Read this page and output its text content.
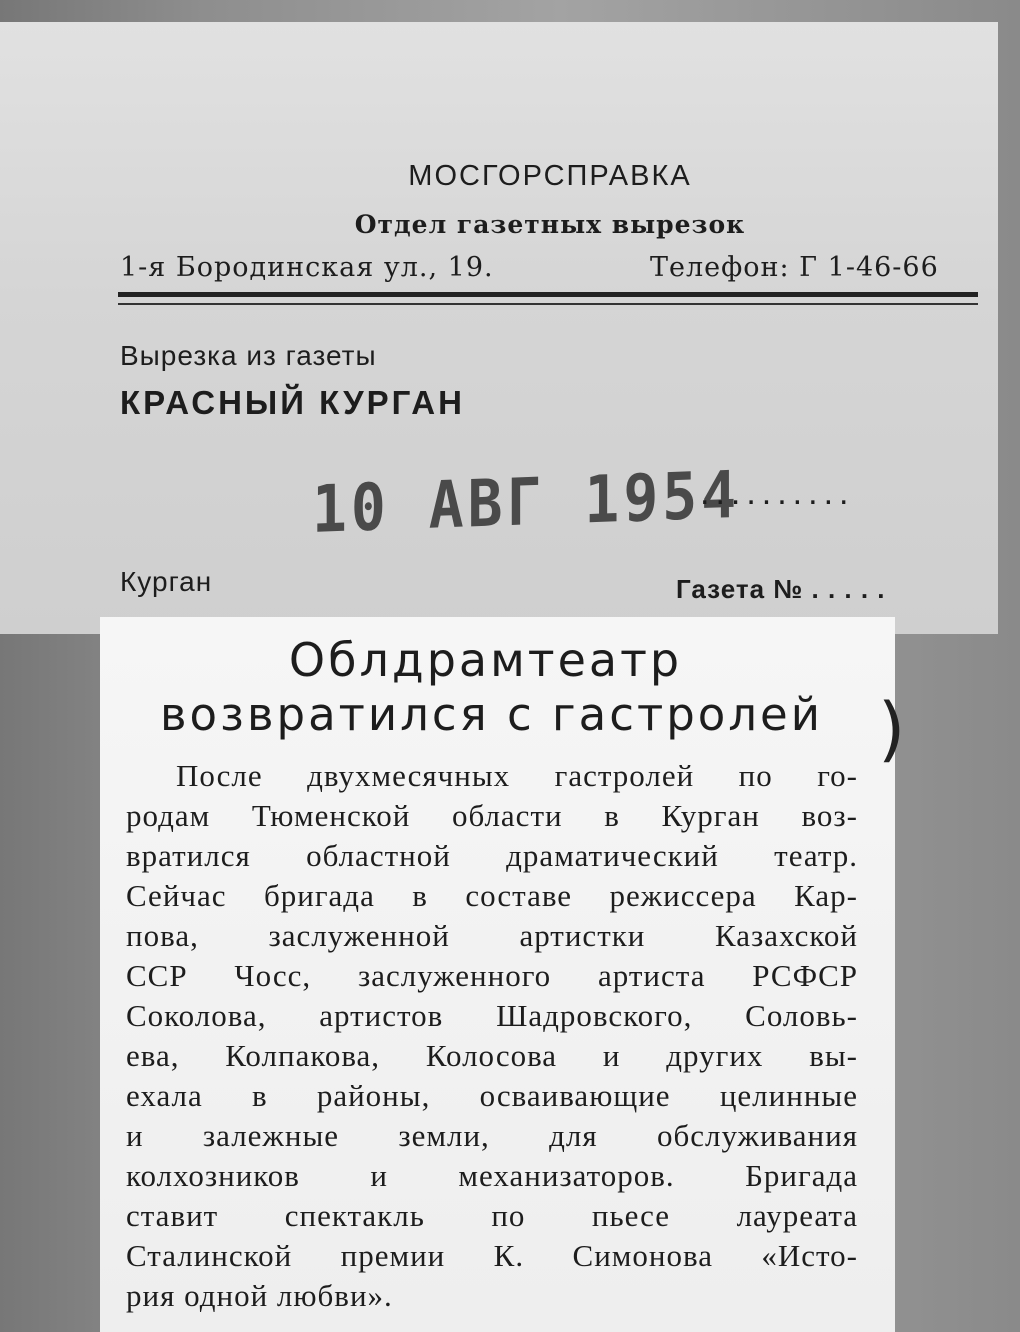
МОСГОРСПРАВКА
Отдел газетных вырезок
1-я Бородинская ул., 19.	Телефон: Г 1-46-66
Вырезка из газеты
КРАСНЫЙ КУРГАН
10 АВГ 1954
..........
Курган	Газета № . . . . .
Облдрамтеатр
возвратился с гастролей
После двухмесячных гастролей по го-
родам Тюменской области в Курган воз-
вратился областной драматический театр.
Сейчас бригада в составе режиссера Кар-
пова, заслуженной артистки Казахской
ССР Чосс, заслуженного артиста РСФСР
Соколова, артистов Шадровского, Соловь-
ева, Колпакова, Колосова и других вы-
ехала в районы, осваивающие целинные
и залежные земли, для обслуживания
колхозников и механизаторов. Бригада
ставит спектакль по пьесе лауреата
Сталинской премии К. Симонова «Исто-
рия одной любви».
)
